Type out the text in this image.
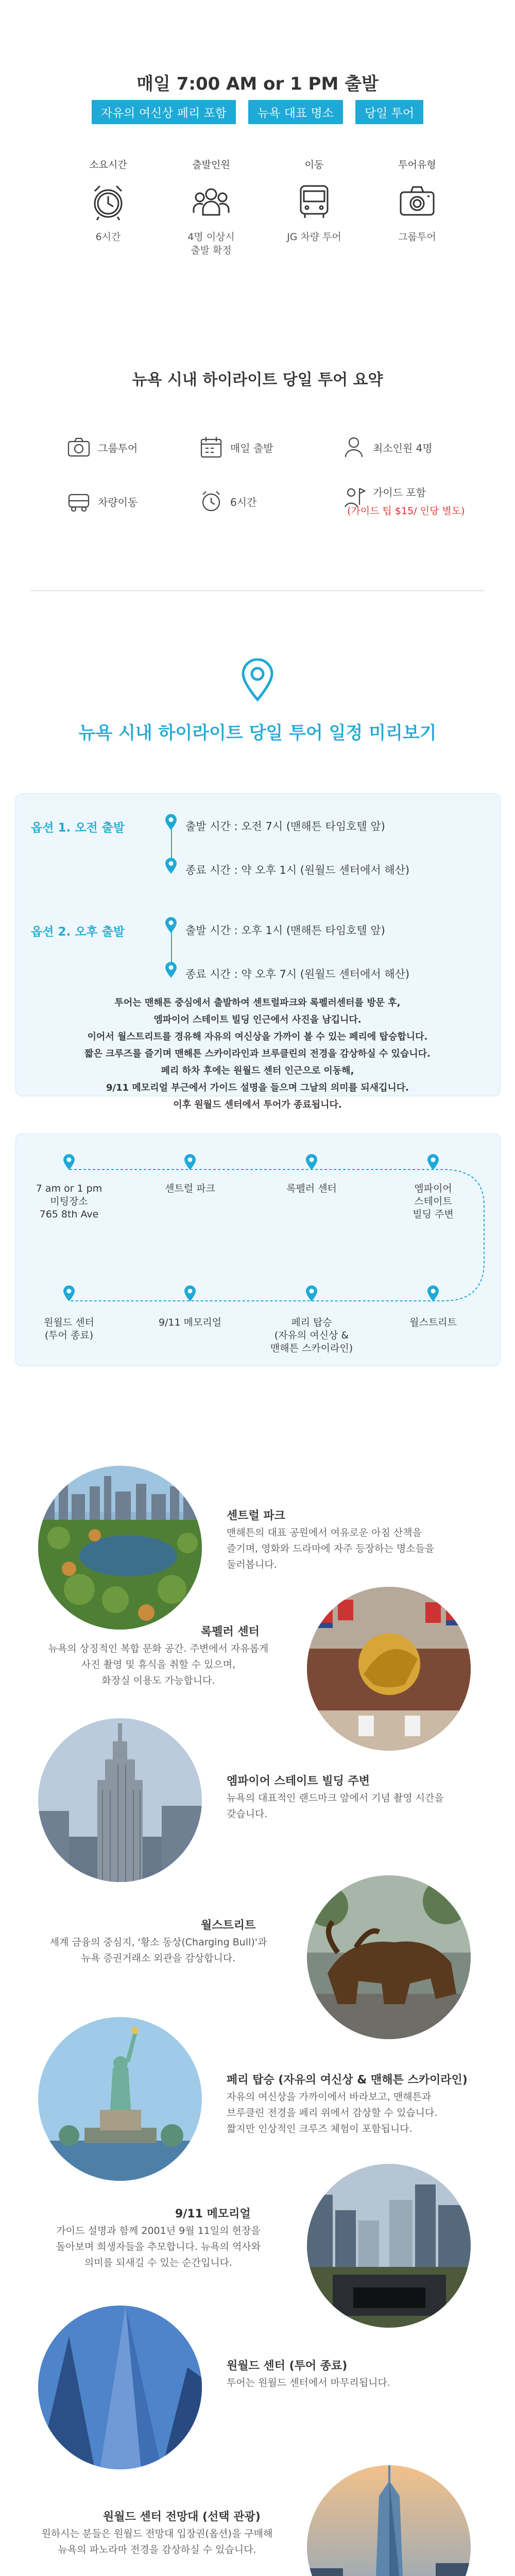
매일 7:00 AM or 1 PM 출발
자유의 여신상 페리 포함	뉴욕 대표 명소	당일 투어
소요시간
6시간
출발인원
4명 이상시
출발 확정
이동
JG 차량 투어
투어유형
그룹투어
뉴욕 시내 하이라이트 당일 투어 요약
그룹투어	매일 출발	최소인원 4명
차량이동	6시간
가이드 포함
(가이드 팁 $15/ 인당 별도)
뉴욕 시내 하이라이트 당일 투어 일정 미리보기
옵션 1. 오전 출발	출발 시간 : 오전 7시 (맨해튼 타임호텔 앞)
종료 시간 : 약 오후 1시 (원월드 센터에서 해산)
옵션 2. 오후 출발	출발 시간 : 오후 1시 (맨해튼 타임호텔 앞)
종료 시간 : 약 오후 7시 (원월드 센터에서 해산)
투어는 맨해튼 중심에서 출발하여 센트럴파크와 록펠러센터를 방문 후,
엠파이어 스테이트 빌딩 인근에서 사진을 남깁니다.
이어서 월스트리트를 경유해 자유의 여신상을 가까이 볼 수 있는 페리에 탑승합니다.
짧은 크루즈를 즐기며 맨해튼 스카이라인과 브루클린의 전경을 감상하실 수 있습니다.
페리 하차 후에는 원월드 센터 인근으로 이동해,
9/11 메모리얼 부근에서 가이드 설명을 들으며 그날의 의미를 되새깁니다.
이후 원월드 센터에서 투어가 종료됩니다.
7 am or 1 pm
미팅장소
765 8th Ave
센트럴 파크	록펠러 센터	엠파이어
스테이트
빌딩 주변
원월드 센터
(투어 종료)
9/11 메모리얼	페리 탑승
(자유의 여신상 &
맨해튼 스카이라인)
월스트리트
센트럴 파크
맨해튼의 대표 공원에서 여유로운 아침 산책을
즐기며, 영화와 드라마에 자주 등장하는 명소들을
둘러봅니다.
록펠러 센터
뉴욕의 상징적인 복합 문화 공간. 주변에서 자유롭게
사진 촬영 및 휴식을 취할 수 있으며,
화장실 이용도 가능합니다.
엠파이어 스테이트 빌딩 주변
뉴욕의 대표적인 랜드마크 앞에서 기념 촬영 시간을
갖습니다.
월스트리트
세계 금융의 중심지, '황소 동상(Charging Bull)'과
뉴욕 증권거래소 외관을 감상합니다.
페리 탑승 (자유의 여신상 & 맨해튼 스카이라인)
자유의 여신상을 가까이에서 바라보고, 맨해튼과
브루클린 전경을 페리 위에서 감상할 수 있습니다.
짧지만 인상적인 크루즈 체험이 포함됩니다.
9/11 메모리얼
가이드 설명과 함께 2001년 9월 11일의 현장을
돌아보며 희생자들을 추모합니다. 뉴욕의 역사와
의미를 되새길 수 있는 순간입니다.
원월드 센터 (투어 종료)
투어는 원월드 센터에서 마무리됩니다.
원월드 센터 전망대 (선택 관광)
원하시는 분들은 원월드 전망대 입장권(옵션)을 구매해
뉴욕의 파노라마 전경을 감상하실 수 있습니다.
